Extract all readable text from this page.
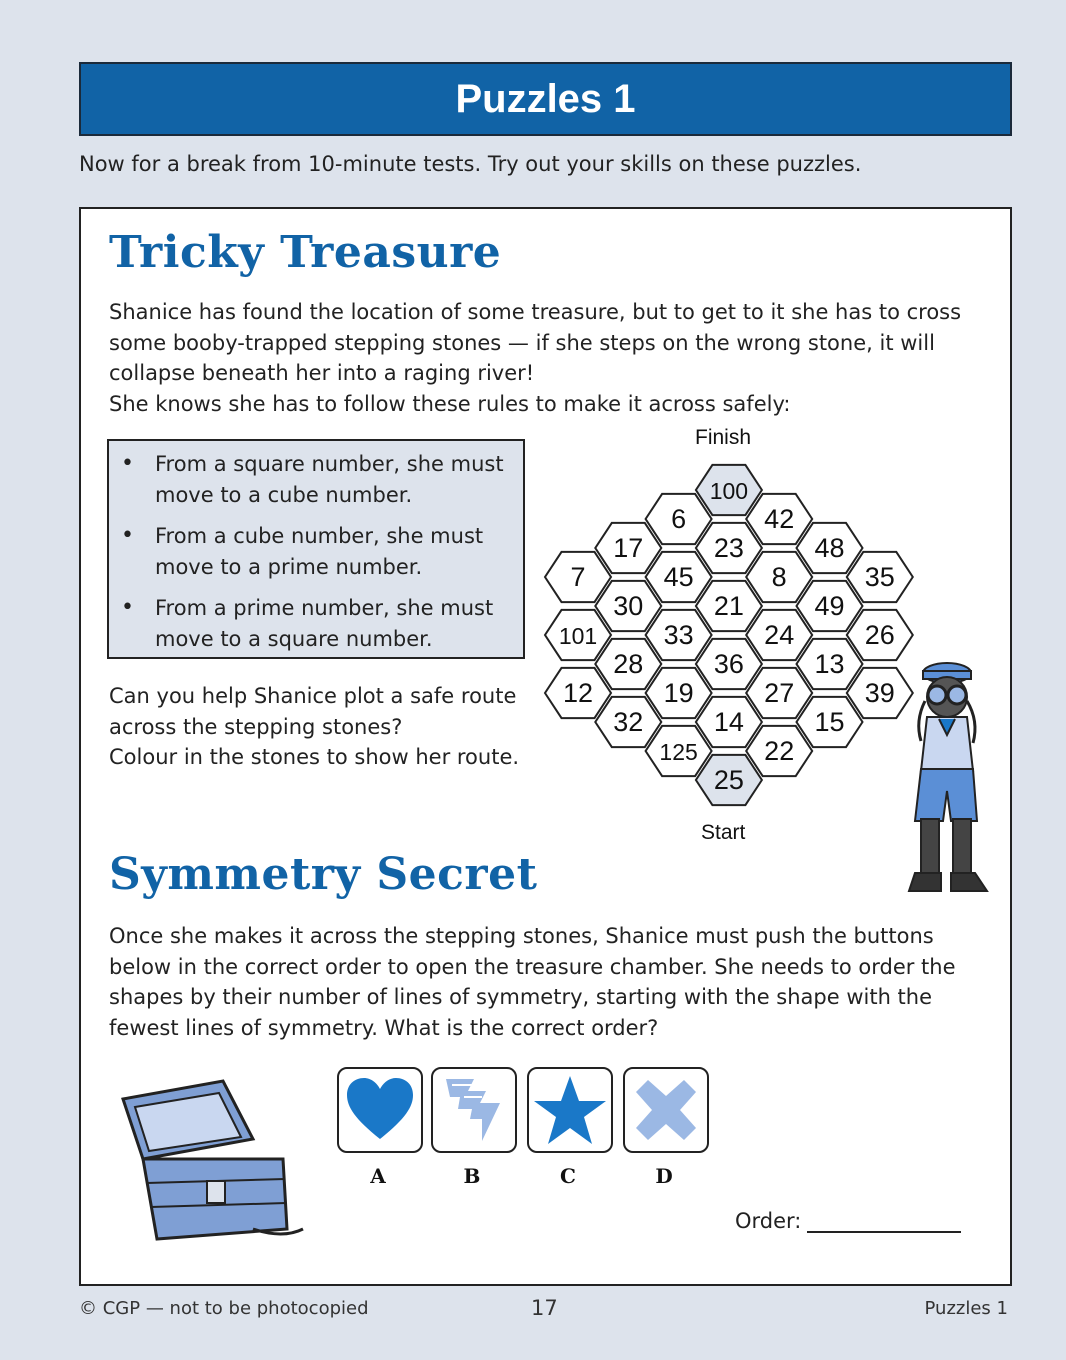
Puzzles 1
Now for a break from 10-minute tests. Try out your skills on these puzzles.
Tricky Treasure
Shanice has found the location of some treasure, but to get to it she has to cross
some booby-trapped stepping stones — if she steps on the wrong stone, it will
collapse beneath her into a raging river!
She knows she has to follow these rules to make it across safely:
• From a square number, she must
move to a cube number.
• From a cube number, she must
move to a prime number.
• From a prime number, she must
move to a square number.
Can you help Shanice plot a safe route
across the stepping stones?
Colour in the stones to show her route.
Finish
Start
100
6	42
17	23	48
7	45	8	35
30	21	49
101 33	24	26
28	36	13
12	19	27	39
32	14	15
125 22
25
Symmetry Secret
Once she makes it across the stepping stones, Shanice must push the buttons
below in the correct order to open the treasure chamber. She needs to order the
shapes by their number of lines of symmetry, starting with the shape with the
fewest lines of symmetry. What is the correct order?
A	B	C	D
Order:
© CGP — not to be photocopied	17	Puzzles 1
